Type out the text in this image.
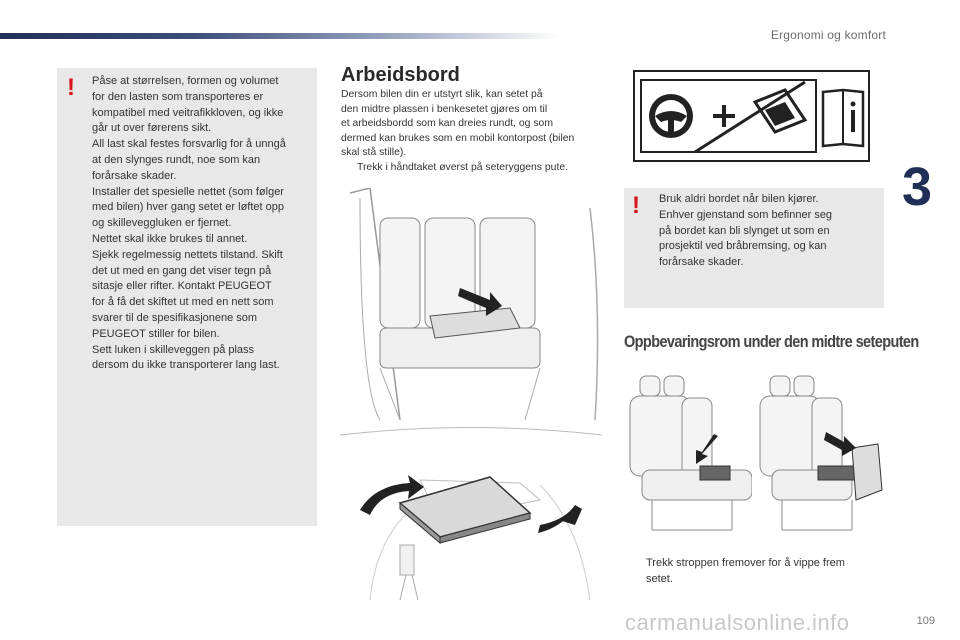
Ergonomi og komfort
3
! Påse at størrelsen, formen og volumet

for den lasten som transporteres er

kompatibel med veitrafikkloven, og ikke

går ut over førerens sikt.

All last skal festes forsvarlig for å unngå

at den slynges rundt, noe som kan

forårsake skader.

Installer det spesielle nettet (som følger

med bilen) hver gang setet er løftet opp

og skilleveggluken er fjernet.

Nettet skal ikke brukes til annet.

Sjekk regelmessig nettets tilstand. Skift

det ut med en gang det viser tegn på

sitasje eller rifter. Kontakt PEUGEOT

for å få det skiftet ut med en nett som

svarer til de spesifikasjonene som

PEUGEOT stiller for bilen.

Sett luken i skilleveggen på plass

dersom du ikke transporterer lang last.

Arbeidsbord

Dersom bilen din er utstyrt slik, kan setet på

den midtre plassen i benkesetet gjøres om til

et arbeidsbordd som kan dreies rundt, og som

dermed kan brukes som en mobil kontorpost (bilen

skal stå stille).

Trekk i håndtaket øverst på seteryggens pute.
! Bruk aldri bordet når bilen kjører.

Enhver gjenstand som befinner seg

på bordet kan bli slynget ut som en

prosjektil ved bråbremsing, og kan

forårsake skader.

Oppbevaringsrom under den midtre seteputen
Trekk stroppen fremover for å vippe frem
setet.
carmanualsonline.info	109
